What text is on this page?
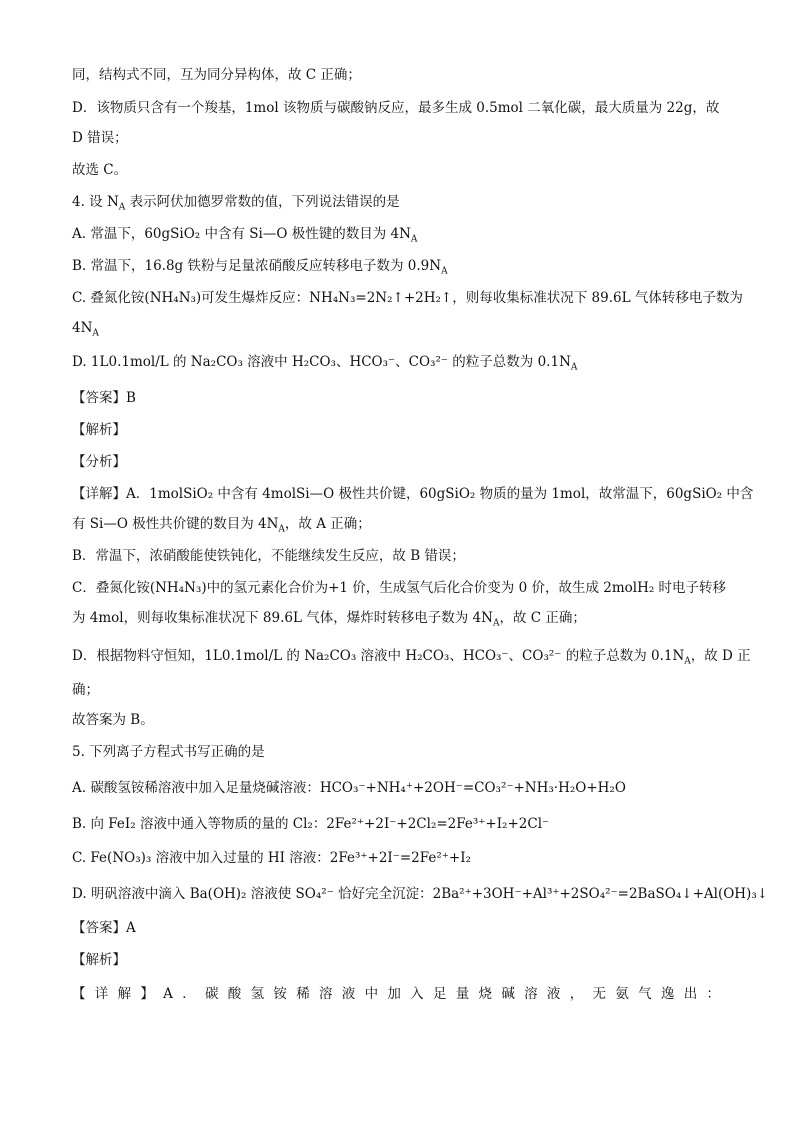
同，结构式不同，互为同分异构体，故 C 正确；
D．该物质只含有一个羧基，1mol 该物质与碳酸钠反应，最多生成 0.5mol 二氧化碳，最大质量为 22g，故
D 错误；
故选 C。
4. 设 $N_A$ 表示阿伏加德罗常数的值，下列说法错误的是
A. 常温下，60gSiO₂ 中含有 Si—O 极性键的数目为 $4N_A$
B. 常温下，16.8g 铁粉与足量浓硝酸反应转移电子数为 $0.9N_A$
C. 叠氮化铵(NH₄N₃)可发生爆炸反应：NH₄N₃=2N₂↑+2H₂↑，则每收集标准状况下 89.6L 气体转移电子数为
$4N_A$
D. 1L0.1mol/L 的 Na₂CO₃ 溶液中 H₂CO₃、HCO₃⁻、CO₃²⁻ 的粒子总数为 $0.1N_A$
【答案】B
【解析】
【分析】
【详解】A．1molSiO₂ 中含有 4molSi—O 极性共价键，60gSiO₂ 物质的量为 1mol，故常温下，60gSiO₂ 中含
有 Si—O 极性共价键的数目为 $4N_A$，故 A 正确；
B．常温下，浓硝酸能使铁钝化，不能继续发生反应，故 B 错误；
C．叠氮化铵(NH₄N₃)中的氢元素化合价为+1 价，生成氢气后化合价变为 0 价，故生成 2molH₂ 时电子转移
为 4mol，则每收集标准状况下 89.6L 气体，爆炸时转移电子数为 $4N_A$，故 C 正确；
D．根据物料守恒知，1L0.1mol/L 的 Na₂CO₃ 溶液中 H₂CO₃、HCO₃⁻、CO₃²⁻ 的粒子总数为 $0.1N_A$，故 D 正
确；
故答案为 B。
5. 下列离子方程式书写正确的是
A. 碳酸氢铵稀溶液中加入足量烧碱溶液：HCO₃⁻+NH₄⁺+2OH⁻=CO₃²⁻+NH₃·H₂O+H₂O
B. 向 FeI₂ 溶液中通入等物质的量的 Cl₂：2Fe²⁺+2I⁻+2Cl₂=2Fe³⁺+I₂+2Cl⁻
C. Fe(NO₃)₃ 溶液中加入过量的 HI 溶液：2Fe³⁺+2I⁻=2Fe²⁺+I₂
D. 明矾溶液中滴入 Ba(OH)₂ 溶液使 SO₄²⁻ 恰好完全沉淀：2Ba²⁺+3OH⁻+Al³⁺+2SO₄²⁻=2BaSO₄↓+Al(OH)₃↓
【答案】A
【解析】
【详解】A．碳酸氢铵稀溶液中加入足量烧碱溶液，无氨气逸出：
